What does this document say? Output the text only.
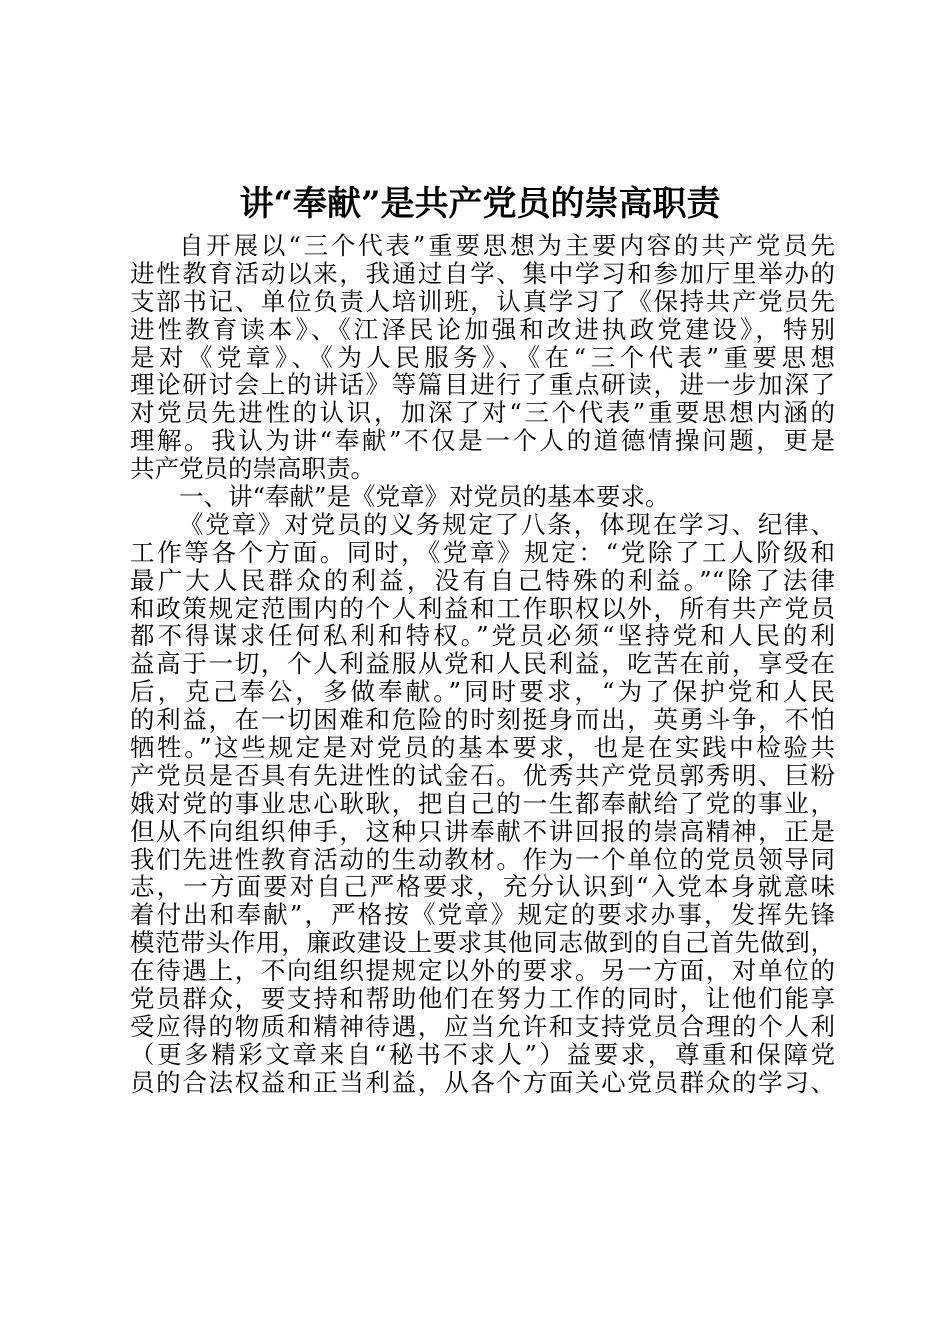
讲“奉献”是共产党员的崇高职责
自开展以“三个代表”重要思想为主要内容的共产党员先
进性教育活动以来，我通过自学、集中学习和参加厅里举办的
支部书记、单位负责人培训班，认真学习了《保持共产党员先
进性教育读本》、《江泽民论加强和改进执政党建设》，特别
是对《党章》、《为人民服务》、《在“三个代表”重要思想
理论研讨会上的讲话》等篇目进行了重点研读，进一步加深了
对党员先进性的认识，加深了对“三个代表”重要思想内涵的
理解。我认为讲“奉献”不仅是一个人的道德情操问题，更是
共产党员的崇高职责。
一、讲“奉献”是《党章》对党员的基本要求。
《党章》对党员的义务规定了八条，体现在学习、纪律、
工作等各个方面。同时，《党章》规定：“党除了工人阶级和
最广大人民群众的利益，没有自己特殊的利益。”“除了法律
和政策规定范围内的个人利益和工作职权以外，所有共产党员
都不得谋求任何私利和特权。”党员必须“坚持党和人民的利
益高于一切，个人利益服从党和人民利益，吃苦在前，享受在
后，克己奉公，多做奉献。”同时要求，“为了保护党和人民
的利益，在一切困难和危险的时刻挺身而出，英勇斗争，不怕
牺牲。”这些规定是对党员的基本要求，也是在实践中检验共
产党员是否具有先进性的试金石。优秀共产党员郭秀明、巨粉
娥对党的事业忠心耿耿，把自己的一生都奉献给了党的事业，
但从不向组织伸手，这种只讲奉献不讲回报的崇高精神，正是
我们先进性教育活动的生动教材。作为一个单位的党员领导同
志，一方面要对自己严格要求，充分认识到“入党本身就意味
着付出和奉献”，严格按《党章》规定的要求办事，发挥先锋
模范带头作用，廉政建设上要求其他同志做到的自己首先做到，
在待遇上，不向组织提规定以外的要求。另一方面，对单位的
党员群众，要支持和帮助他们在努力工作的同时，让他们能享
受应得的物质和精神待遇，应当允许和支持党员合理的个人利
（更多精彩文章来自“秘书不求人”）益要求，尊重和保障党
员的合法权益和正当利益，从各个方面关心党员群众的学习、
